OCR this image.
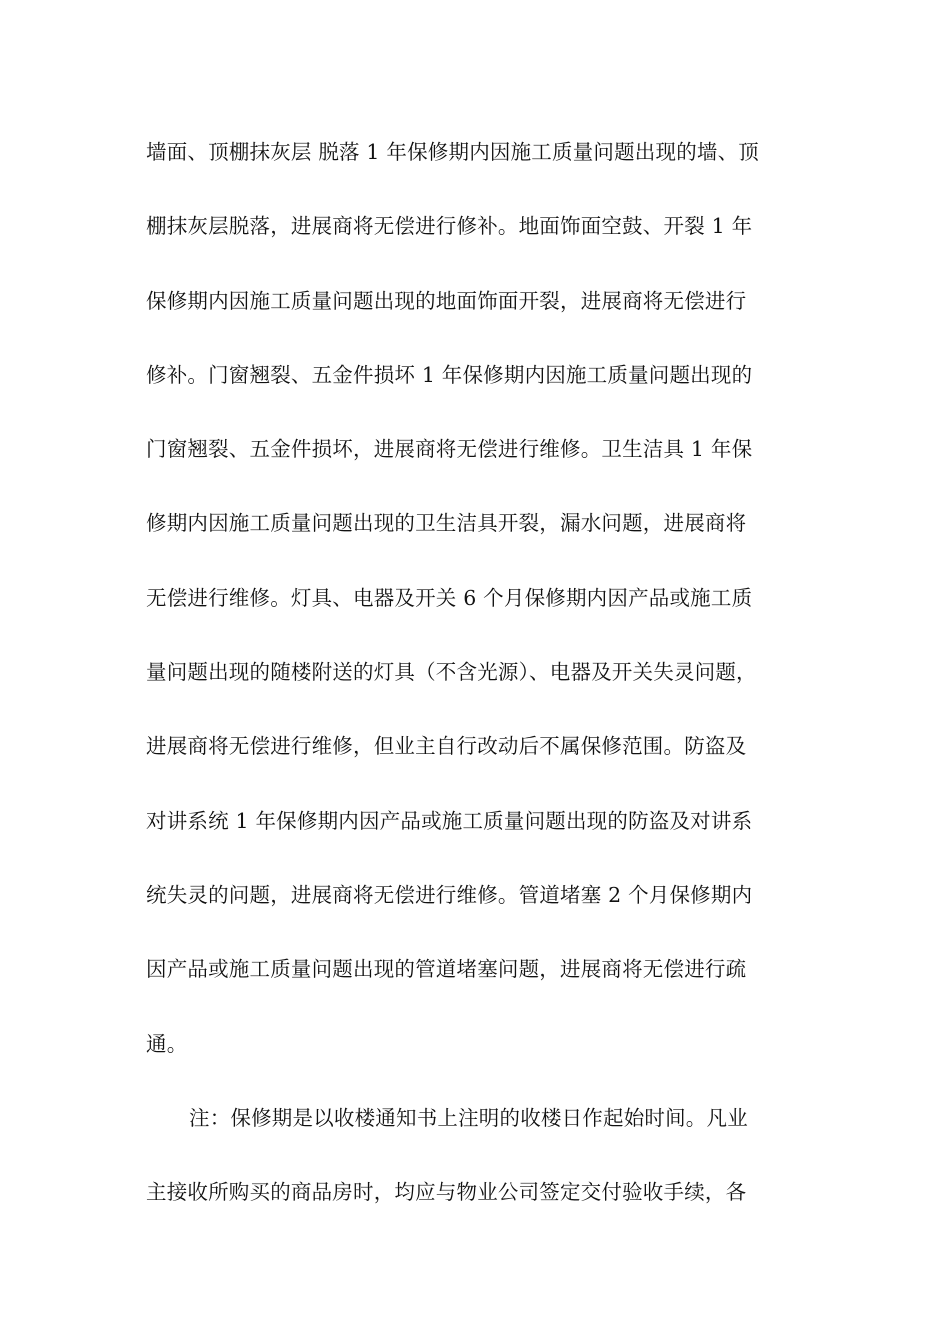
墙面、顶棚抹灰层 脱落 1 年保修期内因施工质量问题出现的墙、顶
棚抹灰层脱落，进展商将无偿进行修补。地面饰面空鼓、开裂 1 年
保修期内因施工质量问题出现的地面饰面开裂，进展商将无偿进行
修补。门窗翘裂、五金件损坏 1 年保修期内因施工质量问题出现的
门窗翘裂、五金件损坏，进展商将无偿进行维修。卫生洁具 1 年保
修期内因施工质量问题出现的卫生洁具开裂，漏水问题，进展商将
无偿进行维修。灯具、电器及开关 6 个月保修期内因产品或施工质
量问题出现的随楼附送的灯具（不含光源）、电器及开关失灵问题，
进展商将无偿进行维修，但业主自行改动后不属保修范围。防盗及
对讲系统 1 年保修期内因产品或施工质量问题出现的防盗及对讲系
统失灵的问题，进展商将无偿进行维修。管道堵塞 2 个月保修期内
因产品或施工质量问题出现的管道堵塞问题，进展商将无偿进行疏
通。
注：保修期是以收楼通知书上注明的收楼日作起始时间。凡业
主接收所购买的商品房时，均应与物业公司签定交付验收手续，各
